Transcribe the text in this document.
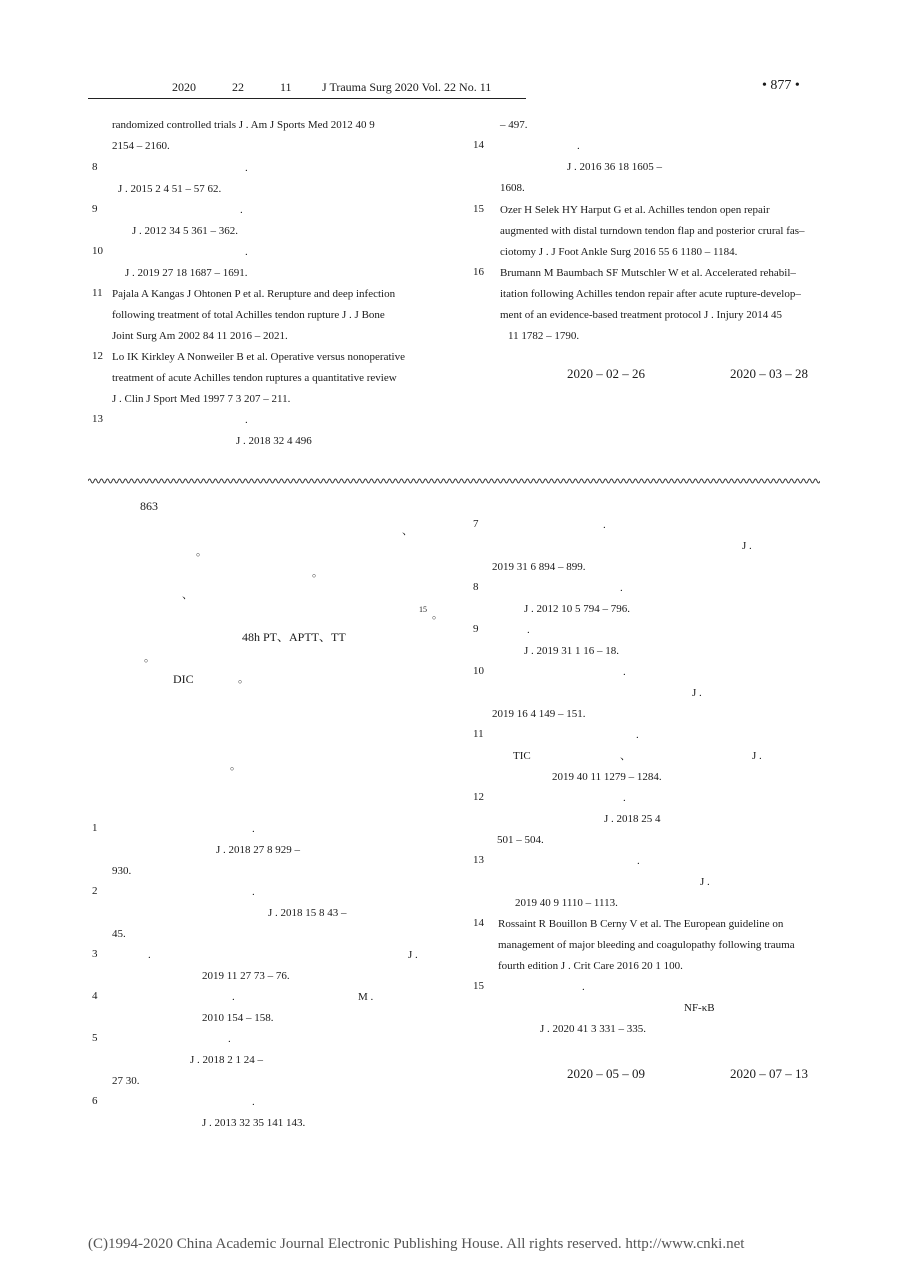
2020	22	11	J Trauma Surg 2020 Vol. 22 No. 11	• 877 •
randomized controlled trials J . Am J Sports Med 2012 40 9
2154 – 2160.
8	.
J . 2015 2 4 51 – 57 62.
9	.
J . 2012 34 5 361 – 362.
10	.
J . 2019 27 18 1687 – 1691.
11 Pajala A Kangas J Ohtonen P et al. Rerupture and deep infection
following treatment of total Achilles tendon rupture J . J Bone
Joint Surg Am 2002 84 11 2016 – 2021.
12 Lo IK Kirkley A Nonweiler B et al. Operative versus nonoperative
treatment of acute Achilles tendon ruptures a quantitative review
J . Clin J Sport Med 1997 7 3 207 – 211.
13	.
J . 2018 32 4 496
– 497.
14	.
J . 2016 36 18 1605 –
1608.
15 Ozer H Selek HY Harput G et al. Achilles tendon open repair
augmented with distal turndown tendon flap and posterior crural fas–
ciotomy J . J Foot Ankle Surg 2016 55 6 1180 – 1184.
16 Brumann M Baumbach SF Mutschler W et al. Accelerated rehabil–
itation following Achilles tendon repair after acute rupture-develop–
ment of an evidence-based treatment protocol J . Injury 2014 45
11 1782 – 1790.
2020 – 02 – 26	2020 – 03 – 28
863
、
。
。
、
15 。
48h PT、APTT、TT
。
DIC	。
。
1	.
J . 2018 27 8 929 –
930.
2	.
J . 2018 15 8 43 –
45.
3	.	J .
2019 11 27 73 – 76.
4	.	M .
2010 154 – 158.
5	.
J . 2018 2 1 24 –
27 30.
6	.
J . 2013 32 35 141 143.
7	.
J .
2019 31 6 894 – 899.
8	.
J . 2012 10 5 794 – 796.
9	.
J . 2019 31 1 16 – 18.
10	.
J .
2019 16 4 149 – 151.
11	.
TIC	、	J .
2019 40 11 1279 – 1284.
12	.
J . 2018 25 4
501 – 504.
13	.
J .
2019 40 9 1110 – 1113.
14 Rossaint R Bouillon B Cerny V et al. The European guideline on
management of major bleeding and coagulopathy following trauma
fourth edition J . Crit Care 2016 20 1 100.
15	.
NF-κB
J . 2020 41 3 331 – 335.
2020 – 05 – 09	2020 – 07 – 13
(C)1994-2020 China Academic Journal Electronic Publishing House. All rights reserved. http://www.cnki.net
